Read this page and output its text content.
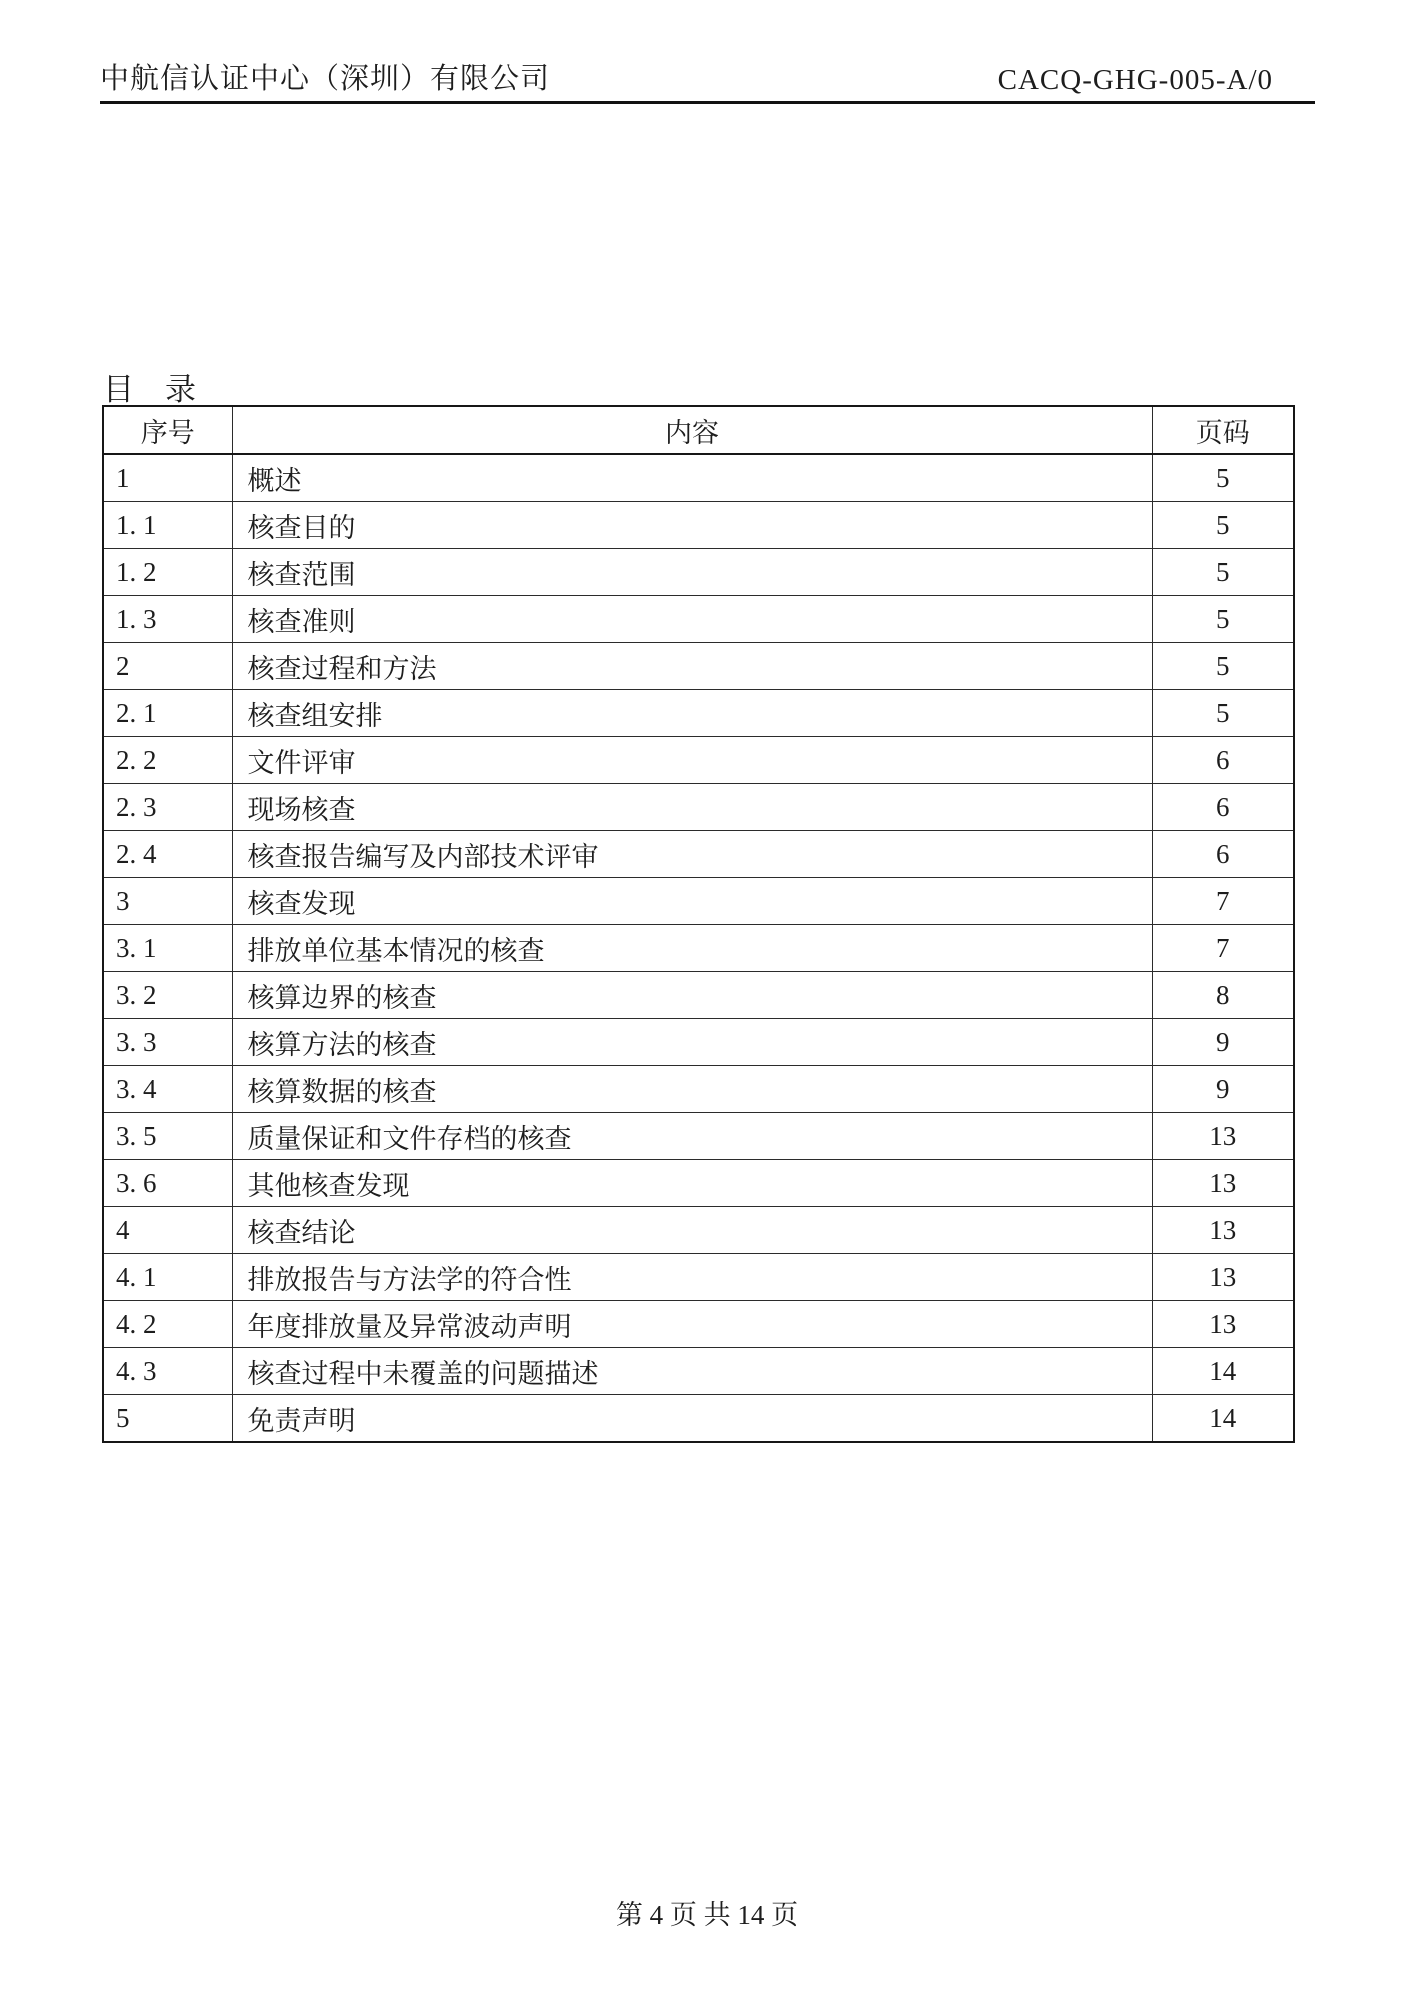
中航信认证中心（深圳）有限公司	CACQ-GHG-005-A/0
目　录
序号	内容	页码
1	概述	5
1. 1	核查目的	5
1. 2	核查范围	5
1. 3	核查准则	5
2	核查过程和方法	5
2. 1	核查组安排	5
2. 2	文件评审	6
2. 3	现场核查	6
2. 4	核查报告编写及内部技术评审	6
3	核查发现	7
3. 1	排放单位基本情况的核查	7
3. 2	核算边界的核查	8
3. 3	核算方法的核查	9
3. 4	核算数据的核查	9
3. 5	质量保证和文件存档的核查	13
3. 6	其他核查发现	13
4	核查结论	13
4. 1	排放报告与方法学的符合性	13
4. 2	年度排放量及异常波动声明	13
4. 3	核查过程中未覆盖的问题描述	14
5	免责声明	14
第 4 页 共 14 页
